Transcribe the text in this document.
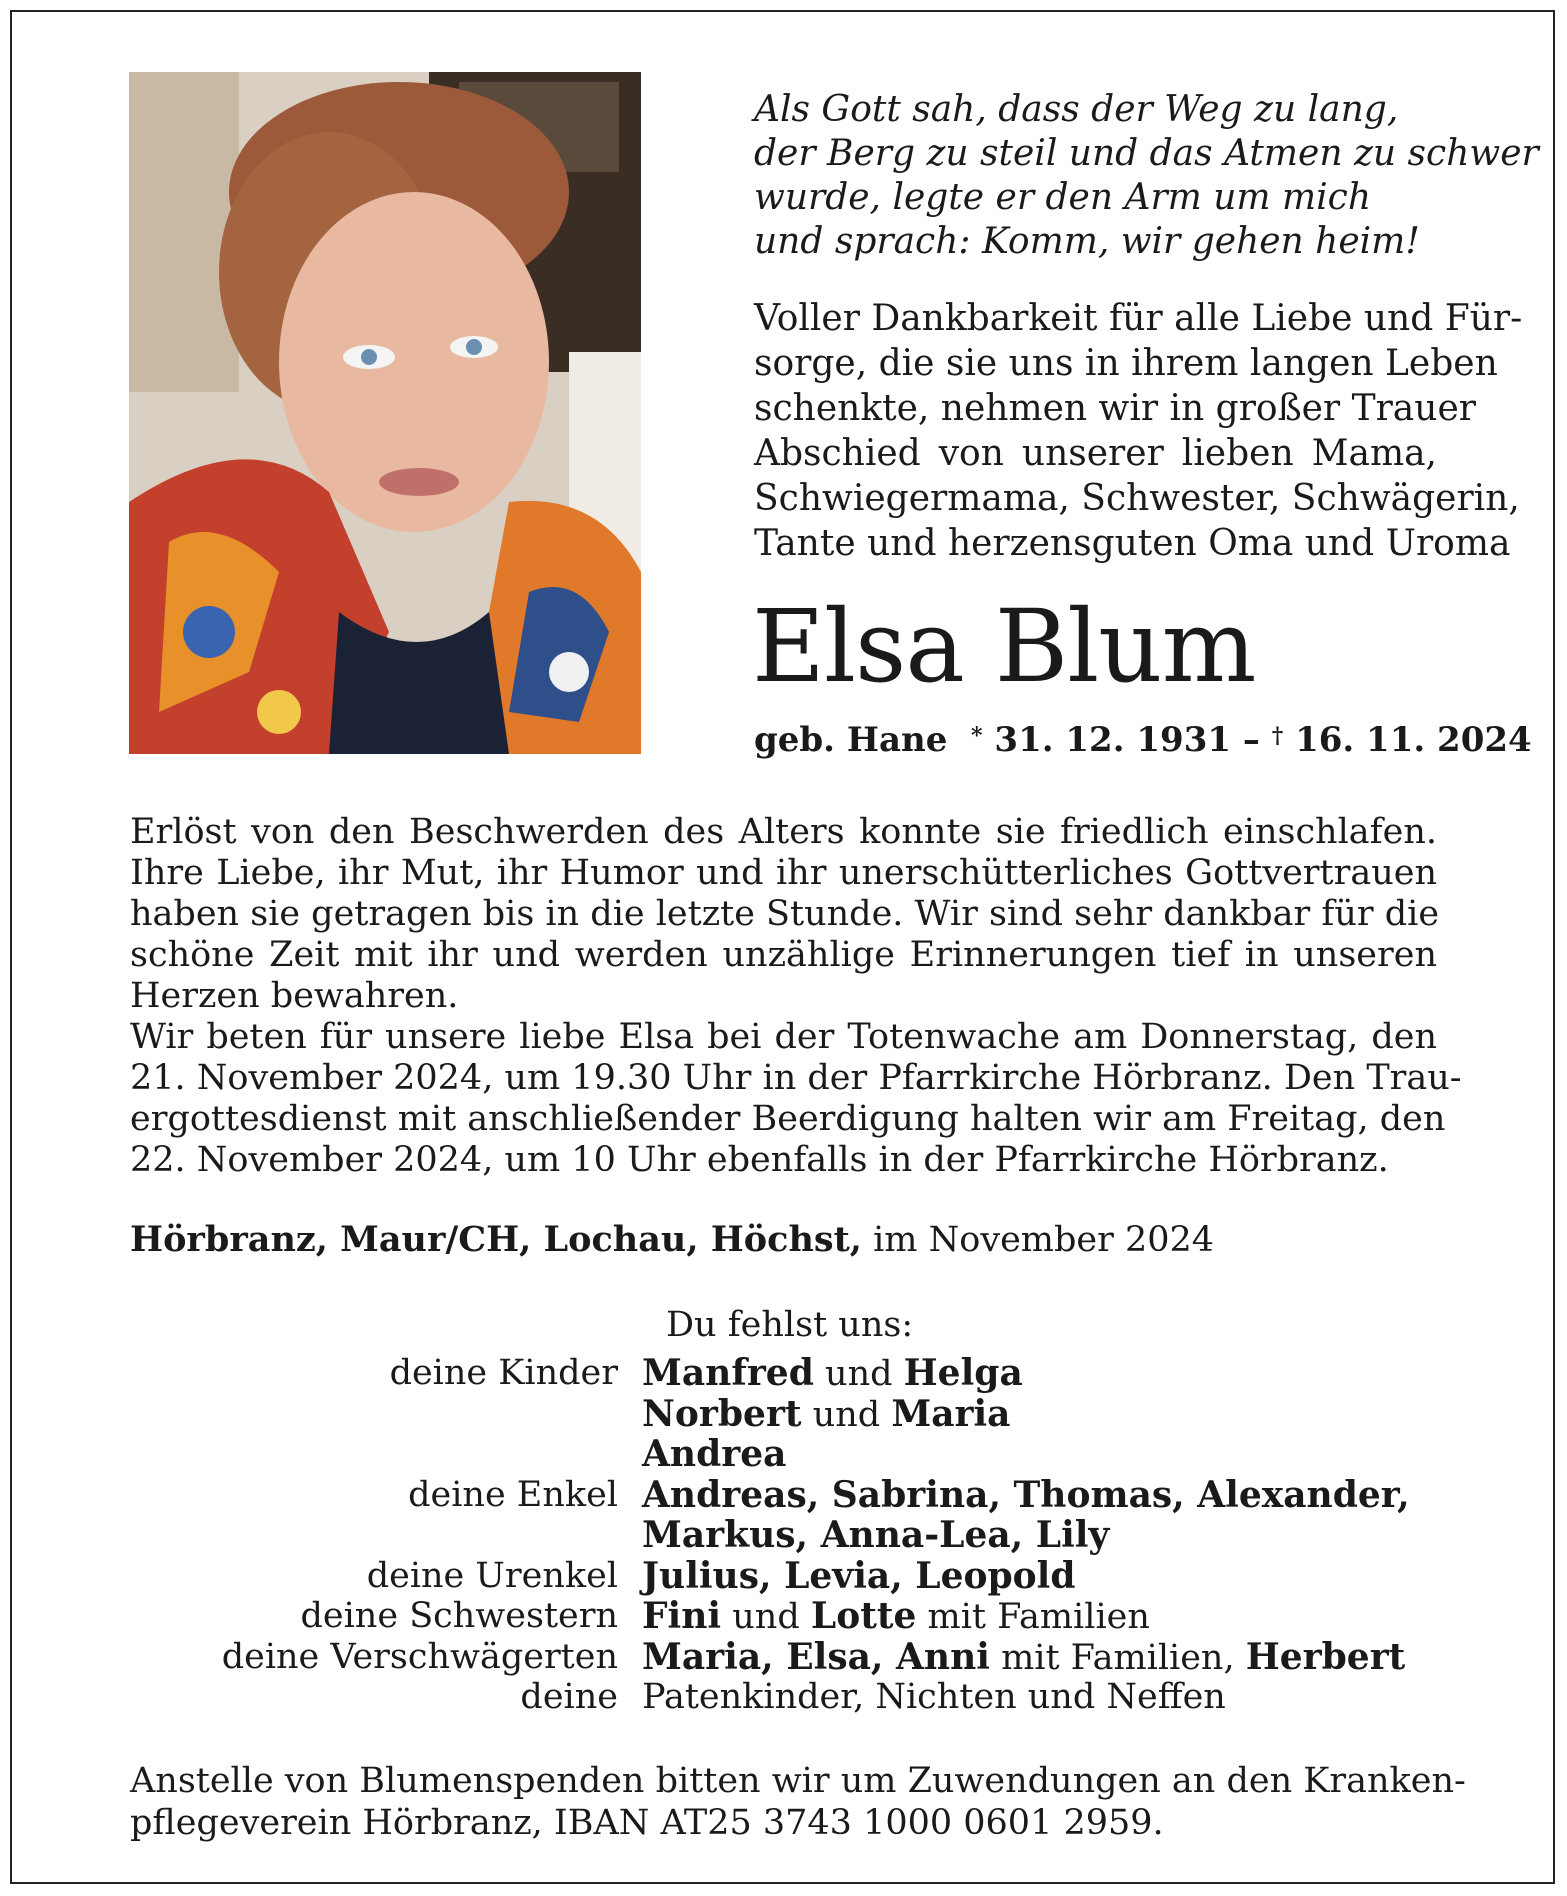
Als Gott sah, dass der Weg zu lang,
der Berg zu steil und das Atmen zu schwer
wurde, legte er den Arm um mich
und sprach: Komm, wir gehen heim!
Voller Dankbarkeit für alle Liebe und Für-
sorge, die sie uns in ihrem langen Leben
schenkte, nehmen wir in großer Trauer
Abschied von unserer lieben Mama,
Schwiegermama, Schwester, Schwägerin,
Tante und herzensguten Oma und Uroma
Elsa Blum
geb. Hane * 31. 12. 1931 – † 16. 11. 2024
Erlöst von den Beschwerden des Alters konnte sie friedlich einschlafen.
Ihre Liebe, ihr Mut, ihr Humor und ihr unerschütterliches Gottvertrauen
haben sie getragen bis in die letzte Stunde. Wir sind sehr dankbar für die
schöne Zeit mit ihr und werden unzählige Erinnerungen tief in unseren
Herzen bewahren.
Wir beten für unsere liebe Elsa bei der Totenwache am Donnerstag, den
21. November 2024, um 19.30 Uhr in der Pfarrkirche Hörbranz. Den Trau-
ergottesdienst mit anschließender Beerdigung halten wir am Freitag, den
22. November 2024, um 10 Uhr ebenfalls in der Pfarrkirche Hörbranz.
Hörbranz, Maur/CH, Lochau, Höchst, im November 2024
Du fehlst uns:
deine Kinder Manfred und Helga
Norbert und Maria
Andrea
deine Enkel Andreas, Sabrina, Thomas, Alexander,
Markus, Anna-Lea, Lily
deine Urenkel Julius, Levia, Leopold
deine Schwestern Fini und Lotte mit Familien
deine Verschwägerten Maria, Elsa, Anni mit Familien, Herbert
deine Patenkinder, Nichten und Neffen
Anstelle von Blumenspenden bitten wir um Zuwendungen an den Kranken-
pflegeverein Hörbranz, IBAN AT25 3743 1000 0601 2959.
